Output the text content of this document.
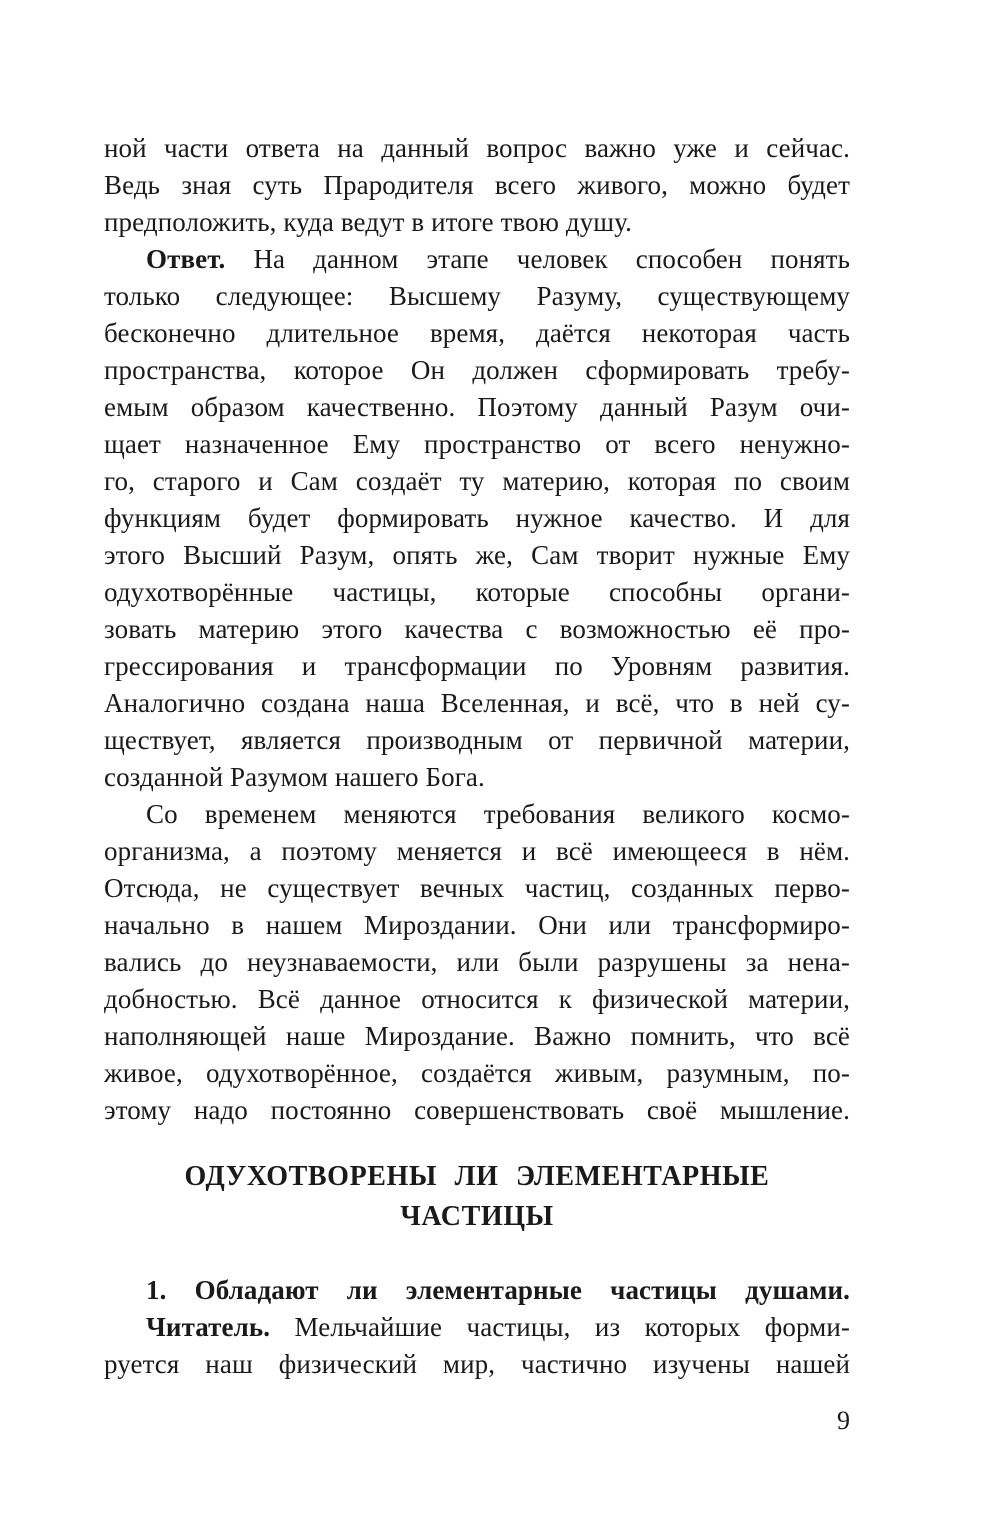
ной части ответа на данный вопрос важно уже и сейчас.
Ведь зная суть Прародителя всего живого, можно будет
предположить, куда ведут в итоге твою душу.
Ответ. На данном этапе человек способен понять
только следующее: Высшему Разуму, существующему
бесконечно длительное время, даётся некоторая часть
пространства, которое Он должен сформировать требу-
емым образом качественно. Поэтому данный Разум очи-
щает назначенное Ему пространство от всего ненужно-
го, старого и Сам создаёт ту материю, которая по своим
функциям будет формировать нужное качество. И для
этого Высший Разум, опять же, Сам творит нужные Ему
одухотворённые частицы, которые способны органи-
зовать материю этого качества с возможностью её про-
грессирования и трансформации по Уровням развития.
Аналогично создана наша Вселенная, и всё, что в ней су-
ществует, является производным от первичной материи,
созданной Разумом нашего Бога.
Со временем меняются требования великого космо-
организма, а поэтому меняется и всё имеющееся в нём.
Отсюда, не существует вечных частиц, созданных перво-
начально в нашем Мироздании. Они или трансформиро-
вались до неузнаваемости, или были разрушены за нена-
добностью. Всё данное относится к физической материи,
наполняющей наше Мироздание. Важно помнить, что всё
живое, одухотворённое, создаётся живым, разумным, по-
этому надо постоянно совершенствовать своё мышление.
ОДУХОТВОРЕНЫ ЛИ ЭЛЕМЕНТАРНЫЕ
ЧАСТИЦЫ
1. Обладают ли элементарные частицы душами.
Читатель. Мельчайшие частицы, из которых форми-
руется наш физический мир, частично изучены нашей
9
